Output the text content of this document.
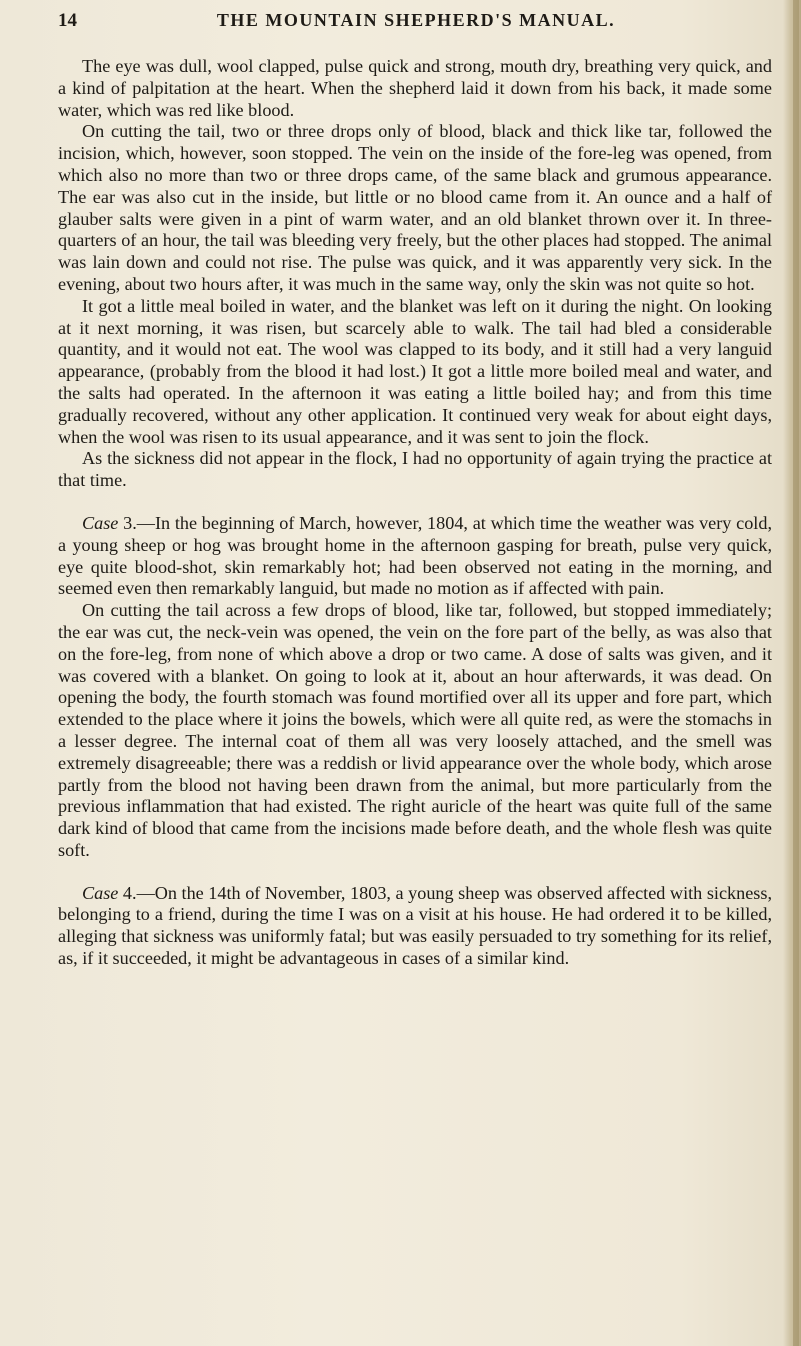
14	THE MOUNTAIN SHEPHERD'S MANUAL.

The eye was dull, wool clapped, pulse quick and strong, mouth dry, breathing very quick, and a kind of palpitation at the heart. When the shepherd laid it down from his back, it made some water, which was red like blood.

On cutting the tail, two or three drops only of blood, black and thick like tar, followed the incision, which, however, soon stopped. The vein on the inside of the fore-leg was opened, from which also no more than two or three drops came, of the same black and grumous appearance. The ear was also cut in the inside, but little or no blood came from it. An ounce and a half of glauber salts were given in a pint of warm water, and an old blanket thrown over it. In three-quarters of an hour, the tail was bleeding very freely, but the other places had stopped. The animal was lain down and could not rise. The pulse was quick, and it was apparently very sick. In the evening, about two hours after, it was much in the same way, only the skin was not quite so hot.

It got a little meal boiled in water, and the blanket was left on it during the night. On looking at it next morning, it was risen, but scarcely able to walk. The tail had bled a considerable quantity, and it would not eat. The wool was clapped to its body, and it still had a very languid appearance, (probably from the blood it had lost.) It got a little more boiled meal and water, and the salts had operated. In the afternoon it was eating a little boiled hay; and from this time gradually recovered, without any other application. It continued very weak for about eight days, when the wool was risen to its usual appearance, and it was sent to join the flock.

As the sickness did not appear in the flock, I had no opportunity of again trying the practice at that time.

Case 3.—In the beginning of March, however, 1804, at which time the weather was very cold, a young sheep or hog was brought home in the afternoon gasping for breath, pulse very quick, eye quite blood-shot, skin remarkably hot; had been observed not eating in the morning, and seemed even then remarkably languid, but made no motion as if affected with pain.

On cutting the tail across a few drops of blood, like tar, followed, but stopped immediately; the ear was cut, the neck-vein was opened, the vein on the fore part of the belly, as was also that on the fore-leg, from none of which above a drop or two came. A dose of salts was given, and it was covered with a blanket. On going to look at it, about an hour afterwards, it was dead. On opening the body, the fourth stomach was found mortified over all its upper and fore part, which extended to the place where it joins the bowels, which were all quite red, as were the stomachs in a lesser degree. The internal coat of them all was very loosely attached, and the smell was extremely disagreeable; there was a reddish or livid appearance over the whole body, which arose partly from the blood not having been drawn from the animal, but more particularly from the previous inflammation that had existed. The right auricle of the heart was quite full of the same dark kind of blood that came from the incisions made before death, and the whole flesh was quite soft.

Case 4.—On the 14th of November, 1803, a young sheep was observed affected with sickness, belonging to a friend, during the time I was on a visit at his house. He had ordered it to be killed, alleging that sickness was uniformly fatal; but was easily persuaded to try something for its relief, as, if it succeeded, it might be advantageous in cases of a similar kind.
